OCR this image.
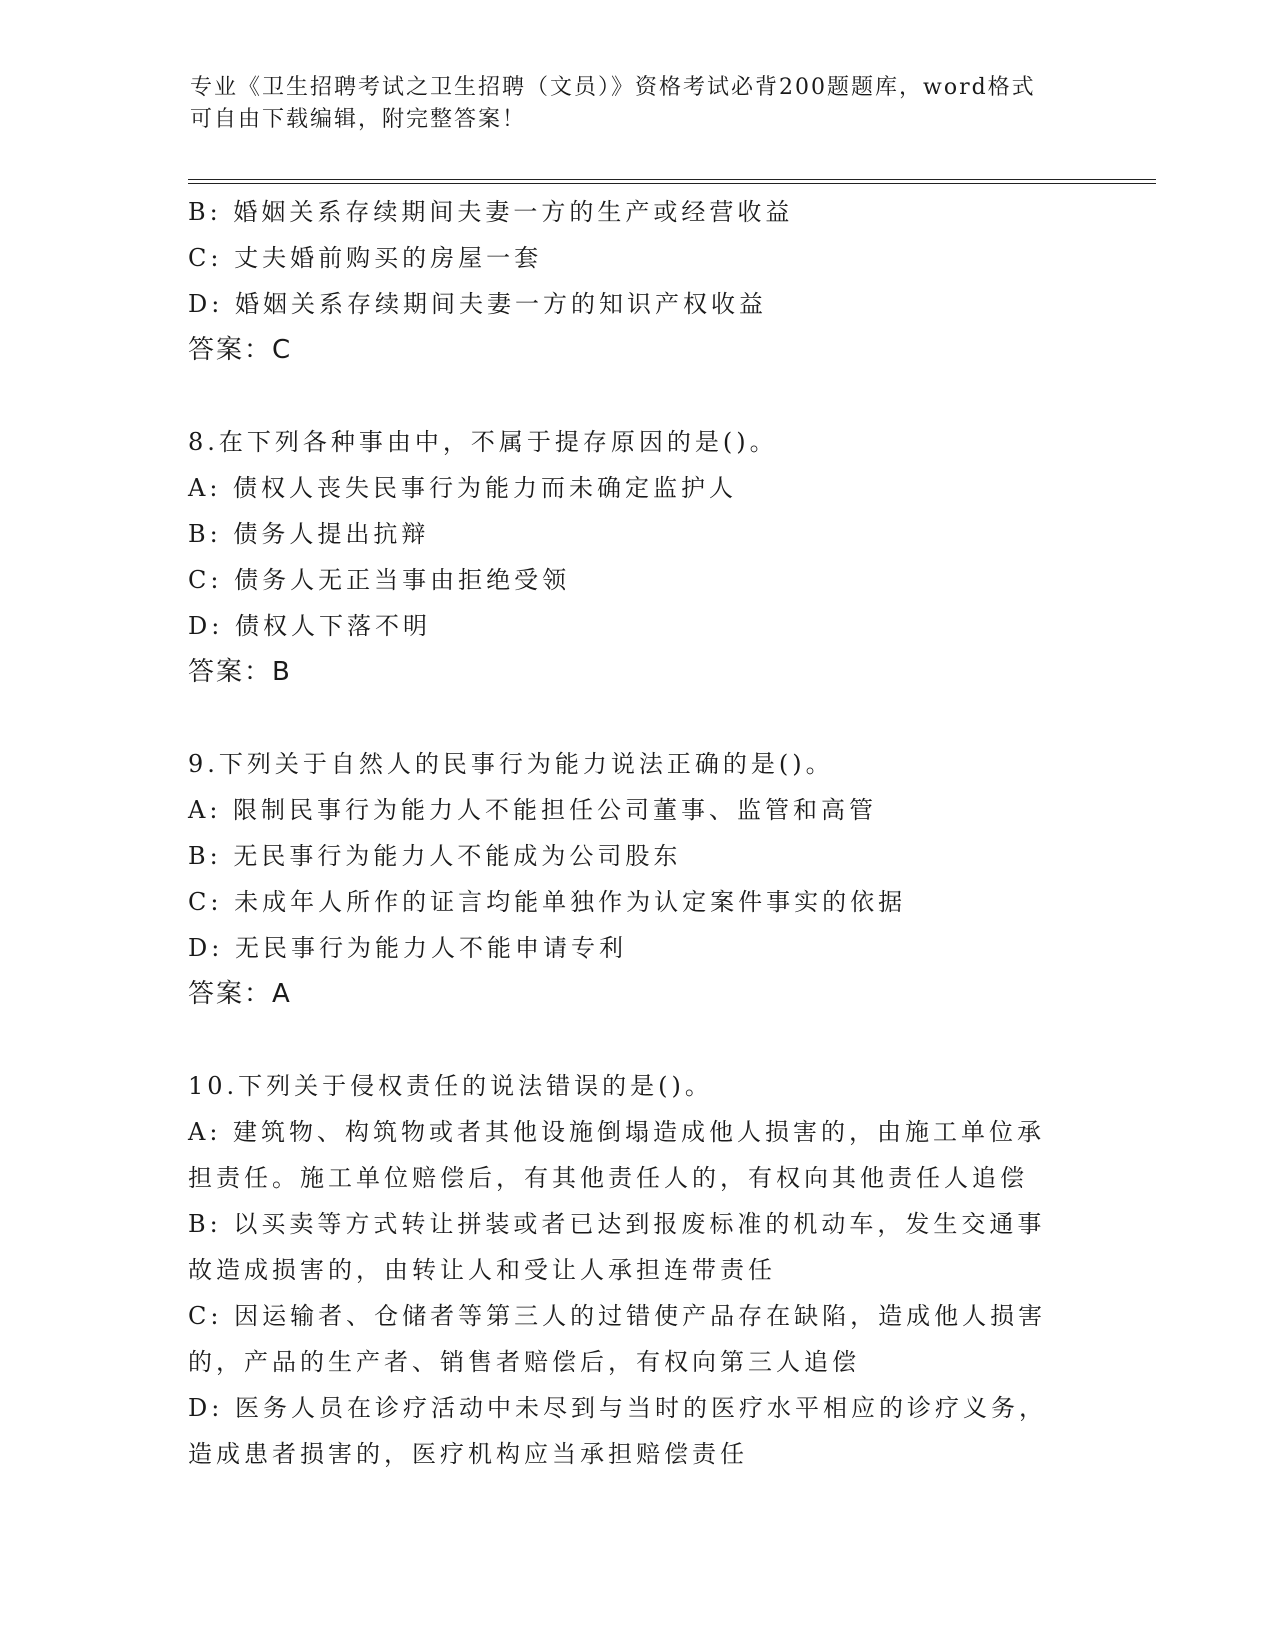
专业《卫生招聘考试之卫生招聘（文员）》资格考试必背200题题库，word格式
可自由下载编辑，附完整答案！
B: 婚姻关系存续期间夫妻一方的生产或经营收益
C: 丈夫婚前购买的房屋一套
D: 婚姻关系存续期间夫妻一方的知识产权收益
答案：C
8.在下列各种事由中，不属于提存原因的是()。
A: 债权人丧失民事行为能力而未确定监护人
B: 债务人提出抗辩
C: 债务人无正当事由拒绝受领
D: 债权人下落不明
答案：B
9.下列关于自然人的民事行为能力说法正确的是()。
A: 限制民事行为能力人不能担任公司董事、监管和高管
B: 无民事行为能力人不能成为公司股东
C: 未成年人所作的证言均能单独作为认定案件事实的依据
D: 无民事行为能力人不能申请专利
答案：A
10.下列关于侵权责任的说法错误的是()。
A: 建筑物、构筑物或者其他设施倒塌造成他人损害的，由施工单位承
担责任。施工单位赔偿后，有其他责任人的，有权向其他责任人追偿
B: 以买卖等方式转让拼装或者已达到报废标准的机动车，发生交通事
故造成损害的，由转让人和受让人承担连带责任
C: 因运输者、仓储者等第三人的过错使产品存在缺陷，造成他人损害
的，产品的生产者、销售者赔偿后，有权向第三人追偿
D: 医务人员在诊疗活动中未尽到与当时的医疗水平相应的诊疗义务，
造成患者损害的，医疗机构应当承担赔偿责任
